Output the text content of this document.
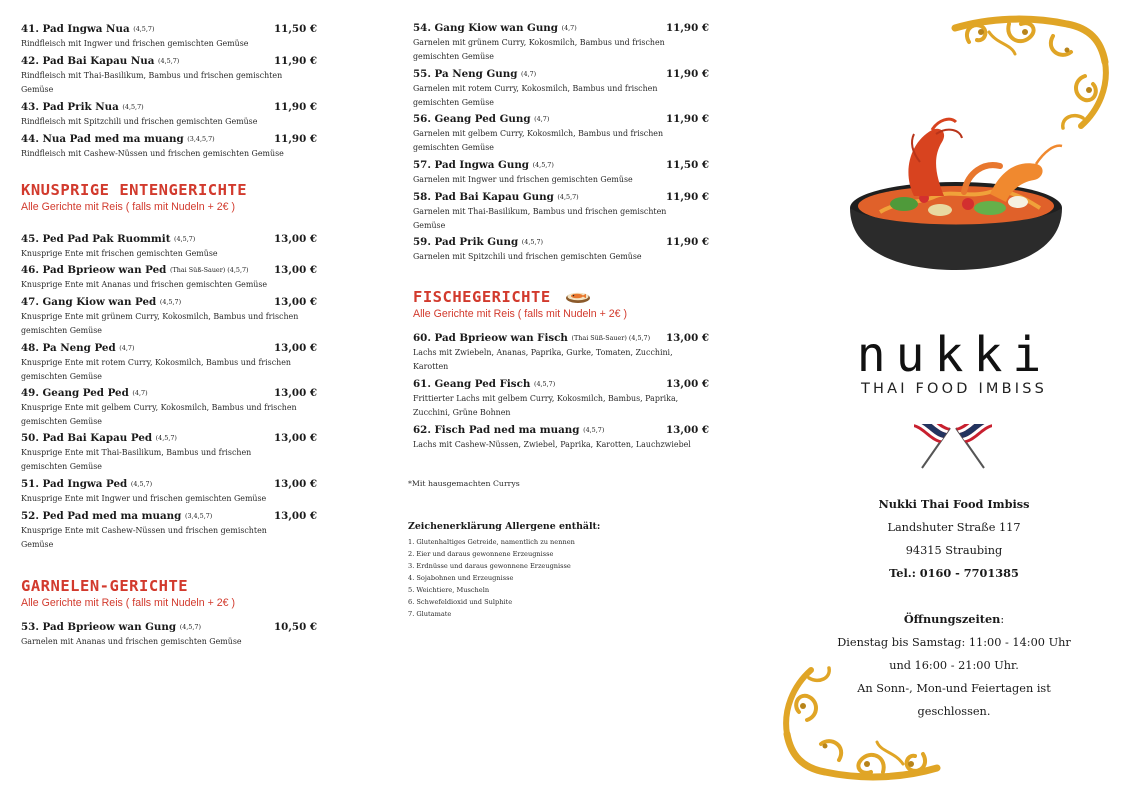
41. Pad Ingwa Nua (4,5,7)	11,50 €
Rindfleisch mit Ingwer und frischen gemischten Gemüse
42. Pad Bai Kapau Nua (4,5,7)	11,90 €
Rindfleisch mit Thai-Basilikum, Bambus und frischen gemischten Gemüse
43. Pad Prik Nua (4,5,7)	11,90 €
Rindfleisch mit Spitzchili und frischen gemischten Gemüse
44. Nua Pad med ma muang (3,4,5,7)	11,90 €
Rindfleisch mit Cashew-Nüssen und frischen gemischten Gemüse
KNUSPRIGE ENTENGERICHTE
Alle Gerichte mit Reis ( falls mit Nudeln + 2€ )
45. Ped Pad Pak Ruommit (4,5,7)	13,00 €
Knusprige Ente mit frischen gemischten Gemüse
46. Pad Bprieow wan Ped (Thai Süß-Sauer) (4,5,7) 13,00 €
Knusprige Ente mit Ananas und frischen gemischten Gemüse
47. Gang Kiow wan Ped (4,5,7)	13,00 €
Knusprige Ente mit grünem Curry, Kokosmilch, Bambus und frischen gemischten Gemüse
48. Pa Neng Ped (4,7)	13,00 €
Knusprige Ente mit rotem Curry, Kokosmilch, Bambus und frischen gemischten Gemüse
49. Geang Ped Ped (4,7)	13,00 €
Knusprige Ente mit gelbem Curry, Kokosmilch, Bambus und frischen gemischten Gemüse
50. Pad Bai Kapau Ped (4,5,7)	13,00 €
Knusprige Ente mit Thai-Basilikum, Bambus und frischen gemischten Gemüse
51. Pad Ingwa Ped (4,5,7)	13,00 €
Knusprige Ente mit Ingwer und frischen gemischten Gemüse
52. Ped Pad med ma muang (3,4,5,7)	13,00 €
Knusprige Ente mit Cashew-Nüssen und frischen gemischten Gemüse
GARNELEN-GERICHTE
Alle Gerichte mit Reis ( falls mit Nudeln + 2€ )
53. Pad Bprieow wan Gung (4,5,7)	10,50 €
Garnelen mit Ananas und frischen gemischten Gemüse
54. Gang Kiow wan Gung (4,7)	11,90 €
Garnelen mit grünem Curry, Kokosmilch, Bambus und frischen gemischten Gemüse
55. Pa Neng Gung (4,7)	11,90 €
Garnelen mit rotem Curry, Kokosmilch, Bambus und frischen gemischten Gemüse
56. Geang Ped Gung (4,7)	11,90 €
Garnelen mit gelbem Curry, Kokosmilch, Bambus und frischen gemischten Gemüse
57. Pad Ingwa Gung (4,5,7)	11,50 €
Garnelen mit Ingwer und frischen gemischten Gemüse
58. Pad Bai Kapau Gung (4,5,7)	11,90 €
Garnelen mit Thai-Basilikum, Bambus und frischen gemischten Gemüse
59. Pad Prik Gung (4,5,7)	11,90 €
Garnelen mit Spitzchili und frischen gemischten Gemüse
FISCHEGERICHTE
Alle Gerichte mit Reis ( falls mit Nudeln + 2€ )
60. Pad Bprieow wan Fisch (Thai Süß-Sauer) (4,5,7) 13,00 €
Lachs mit Zwiebeln, Ananas, Paprika, Gurke, Tomaten, Zucchini, Karotten
61. Geang Ped Fisch (4,5,7)	13,00 €
Frittierter Lachs mit gelbem Curry, Kokosmilch, Bambus, Paprika, Zucchini, Grüne Bohnen
62. Fisch Pad ned ma muang (4,5,7)	13,00 €
Lachs mit Cashew-Nüssen, Zwiebel, Paprika, Karotten, Lauchzwiebel
*Mit hausgemachten Currys
Zeichenerklärung Allergene enthält:
1. Glutenhaltiges Getreide, namentlich zu nennen
2. Eier und daraus gewonnene Erzeugnisse
3. Erdnüsse und daraus gewonnene Erzeugnisse
4. Sojabohnen und Erzeugnisse
5. Weichtiere, Muscheln
6. Schwefeldioxid und Sulphite
7. Glutamate
nukki
THAI FOOD IMBISS

Nukki Thai Food Imbiss

Landshuter Straße 117

94315 Straubing

Tel.: 0160 - 7701385

Öffnungszeiten:

Dienstag bis Samstag: 11:00 - 14:00 Uhr

und 16:00 - 21:00 Uhr.

An Sonn-, Mon-und Feiertagen ist

geschlossen.
